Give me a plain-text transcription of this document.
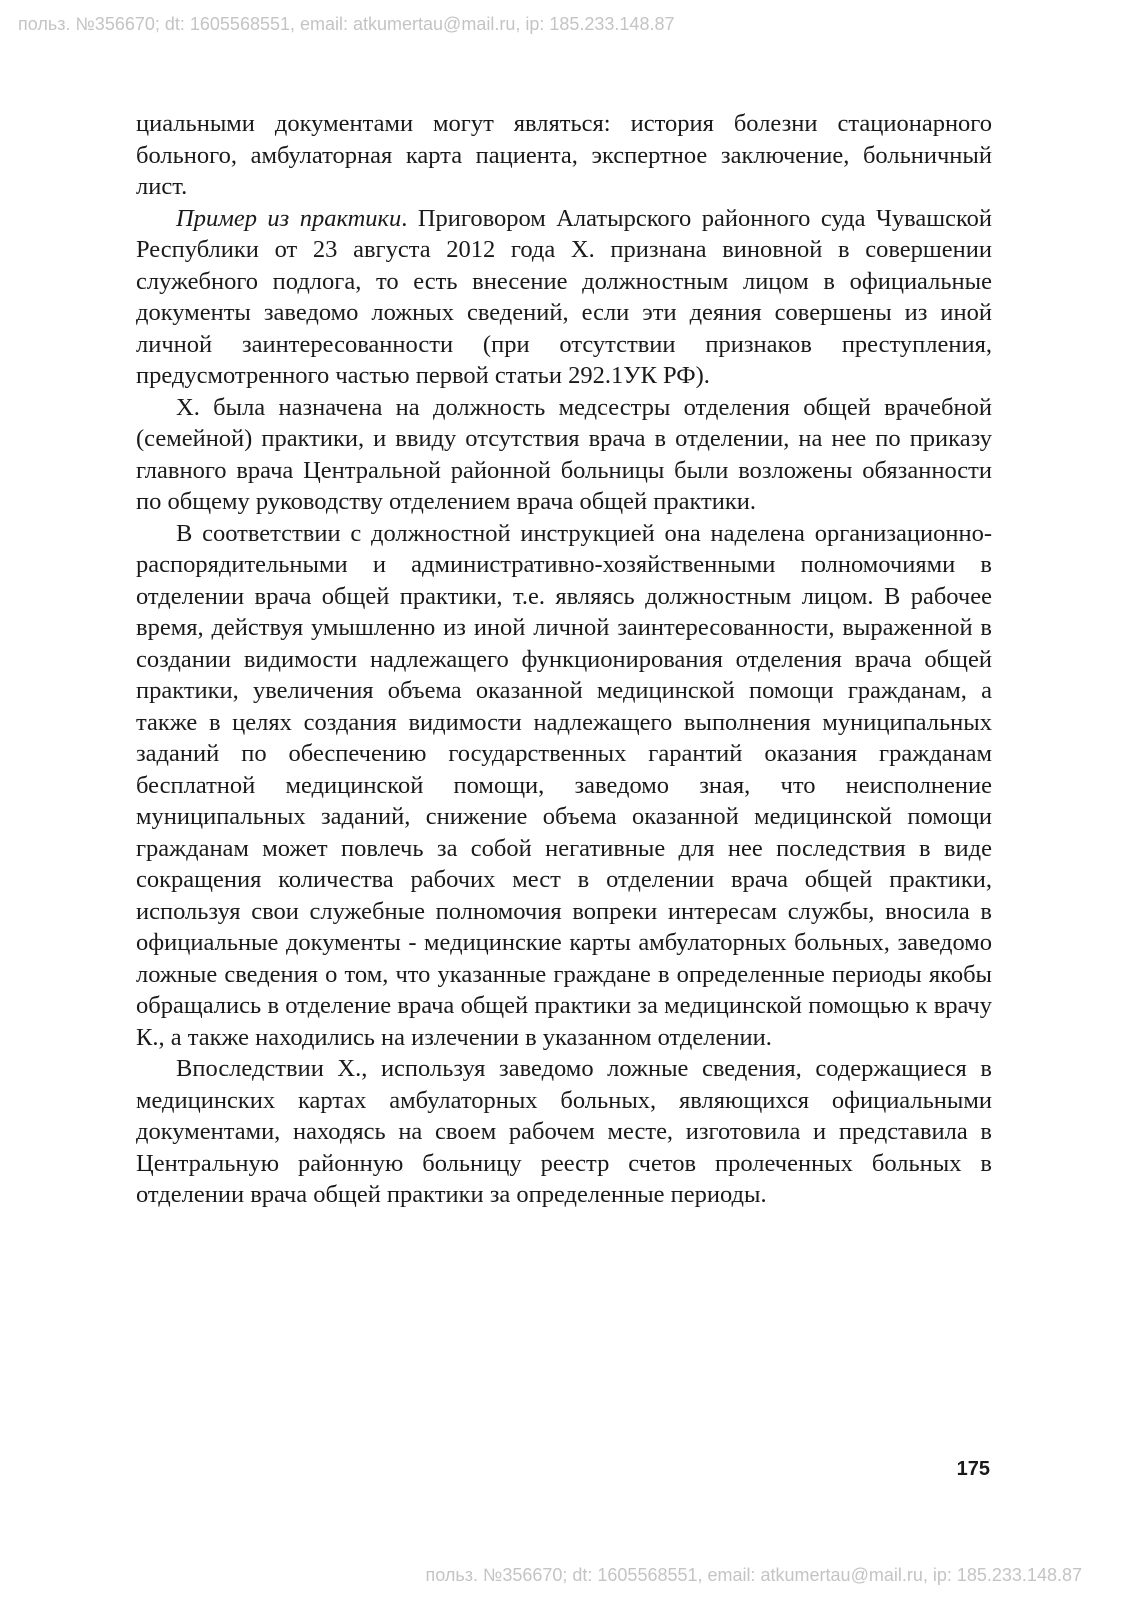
польз. №356670; dt: 1605568551, email: atkumertau@mail.ru, ip: 185.233.148.87

циальными документами могут являться: история болезни стационарного больного, амбулаторная карта пациента, экспертное заключение, больничный лист.

Пример из практики. Приговором Алатырского районного суда Чувашской Республики от 23 августа 2012 года Х. признана виновной в совершении служебного подлога, то есть внесение должностным лицом в официальные документы заведомо ложных сведений, если эти деяния совершены из иной личной заинтересованности (при отсутствии признаков преступления, предусмотренного частью первой статьи 292.1УК РФ).

Х. была назначена на должность медсестры отделения общей врачебной (семейной) практики, и ввиду отсутствия врача в отделении, на нее по приказу главного врача Центральной районной больницы были возложены обязанности по общему руководству отделением врача общей практики.

В соответствии с должностной инструкцией она наделена организационно-распорядительными и административно-хозяйственными полномочиями в отделении врача общей практики, т.е. являясь должностным лицом. В рабочее время, действуя умышленно из иной личной заинтересованности, выраженной в создании видимости надлежащего функционирования отделения врача общей практики, увеличения объема оказанной медицинской помощи гражданам, а также в целях создания видимости надлежащего выполнения муниципальных заданий по обеспечению государственных гарантий оказания гражданам бесплатной медицинской помощи, заведомо зная, что неисполнение муниципальных заданий, снижение объема оказанной медицинской помощи гражданам может повлечь за собой негативные для нее последствия в виде сокращения количества рабочих мест в отделении врача общей практики, используя свои служебные полномочия вопреки интересам службы, вносила в официальные документы - медицинские карты амбулаторных больных, заведомо ложные сведения о том, что указанные граждане в определенные периоды якобы обращались в отделение врача общей практики за медицинской помощью к врачу К., а также находились на излечении в указанном отделении.

Впоследствии Х., используя заведомо ложные сведения, содержащиеся в медицинских картах амбулаторных больных, являющихся официальными документами, находясь на своем рабочем месте, изготовила и представила в Центральную районную больницу реестр счетов пролеченных больных в отделении врача общей практики за определенные периоды.

175
польз. №356670; dt: 1605568551, email: atkumertau@mail.ru, ip: 185.233.148.87
